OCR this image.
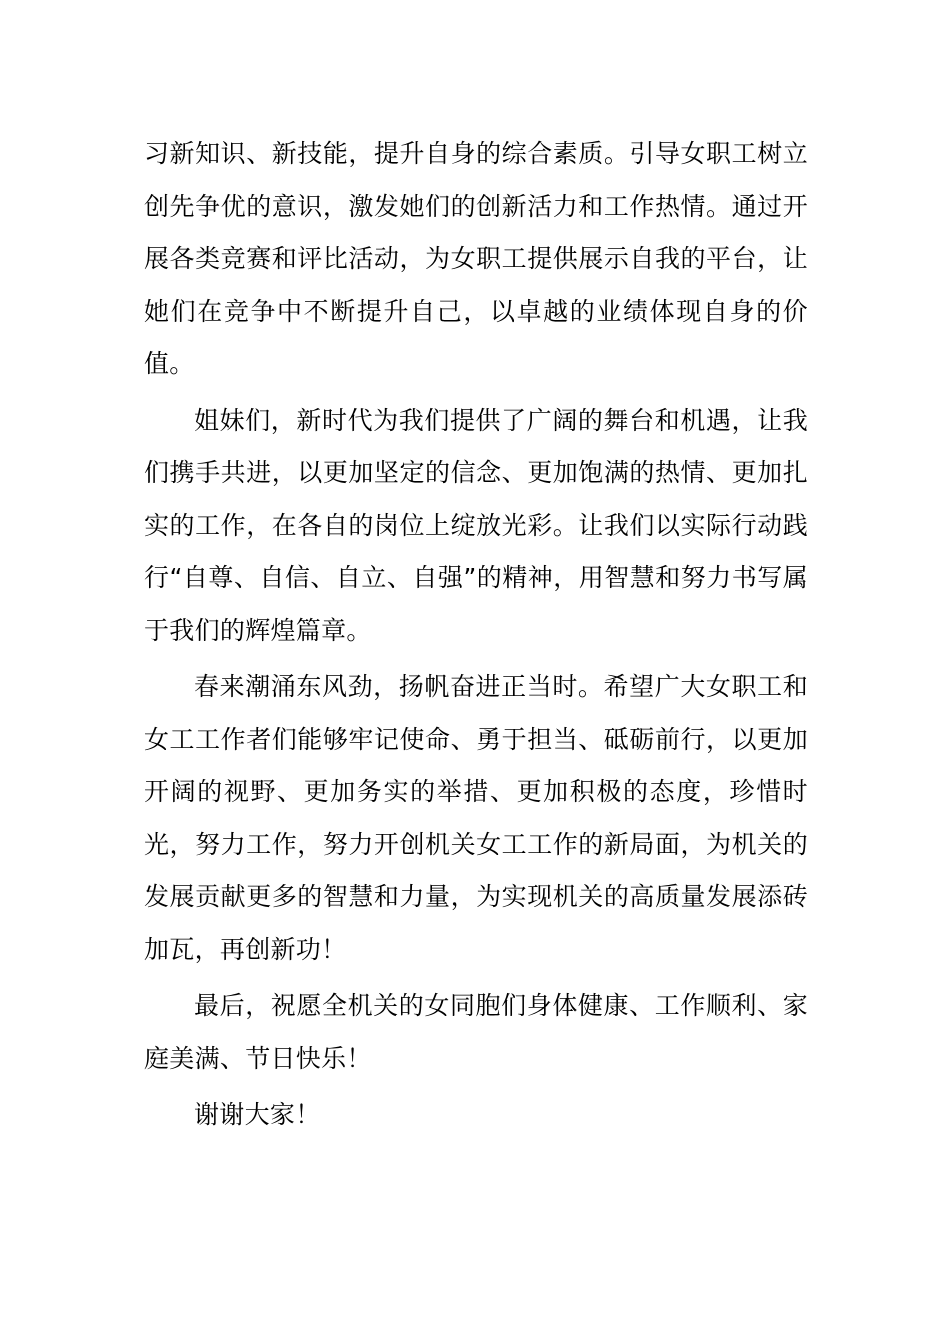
习新知识、新技能，提升自身的综合素质。引导女职工树立创先争优的意识，激发她们的创新活力和工作热情。通过开展各类竞赛和评比活动，为女职工提供展示自我的平台，让她们在竞争中不断提升自己，以卓越的业绩体现自身的价值。

姐妹们，新时代为我们提供了广阔的舞台和机遇，让我们携手共进，以更加坚定的信念、更加饱满的热情、更加扎实的工作，在各自的岗位上绽放光彩。让我们以实际行动践行“自尊、自信、自立、自强”的精神，用智慧和努力书写属于我们的辉煌篇章。

春来潮涌东风劲，扬帆奋进正当时。希望广大女职工和女工工作者们能够牢记使命、勇于担当、砥砺前行，以更加开阔的视野、更加务实的举措、更加积极的态度，珍惜时光，努力工作，努力开创机关女工工作的新局面，为机关的发展贡献更多的智慧和力量，为实现机关的高质量发展添砖加瓦，再创新功！

最后，祝愿全机关的女同胞们身体健康、工作顺利、家庭美满、节日快乐！

谢谢大家！
